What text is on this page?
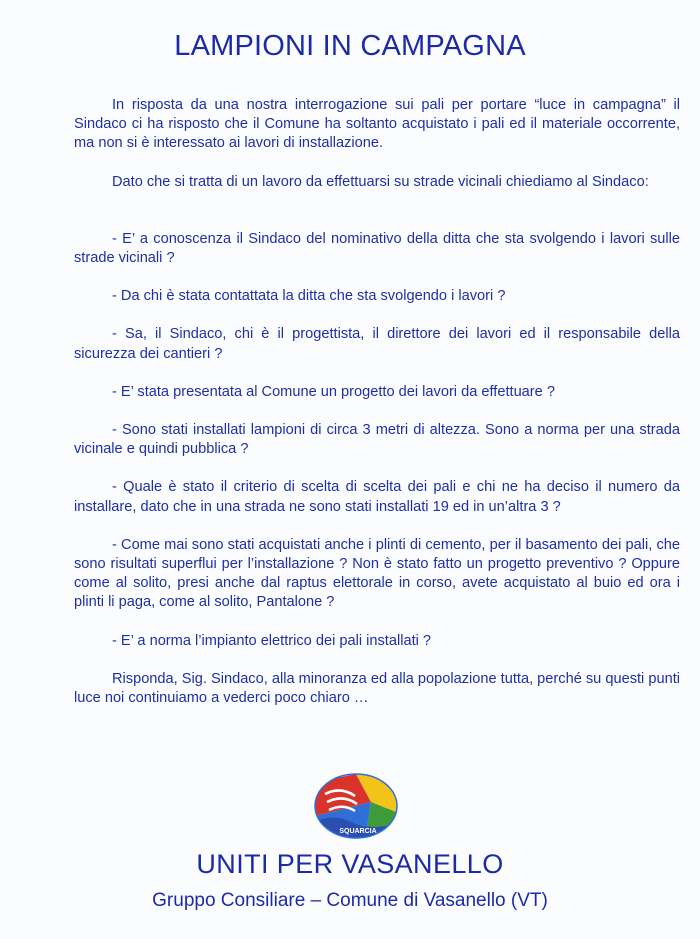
LAMPIONI IN CAMPAGNA

In risposta da una nostra interrogazione sui pali per portare “luce in campagna” il Sindaco ci ha risposto che il Comune ha soltanto acquistato i pali ed il materiale occorrente, ma non si è interessato ai lavori di installazione.

Dato che si tratta di un lavoro da effettuarsi su strade vicinali chiediamo al Sindaco:

- E’ a conoscenza il Sindaco del nominativo della ditta che sta svolgendo i lavori sulle strade vicinali ?

- Da chi è stata contattata la ditta che sta svolgendo i lavori ?

- Sa, il Sindaco, chi è il progettista, il direttore dei lavori ed il responsabile della sicurezza dei cantieri ?

- E’ stata presentata al Comune un progetto dei lavori da effettuare ?

- Sono stati installati lampioni di circa 3 metri di altezza. Sono a norma per una strada vicinale e quindi pubblica ?

- Quale è stato il criterio di scelta di scelta dei pali e chi ne ha deciso il numero da installare, dato che in una strada ne sono stati installati 19 ed in un’altra 3 ?

- Come mai sono stati acquistati anche i plinti di cemento, per il basamento dei pali, che sono risultati superflui per l’installazione ? Non è stato fatto un progetto preventivo ? Oppure come al solito, presi anche dal raptus elettorale in corso, avete acquistato al buio ed ora i plinti li paga, come al solito, Pantalone ?

- E’ a norma l’impianto elettrico dei pali installati ?

Risponda, Sig. Sindaco, alla minoranza ed alla popolazione tutta, perché su questi punti luce noi continuiamo a vederci poco chiaro …

SQUARCIA
UNITI PER VASANELLO

Gruppo Consiliare – Comune di Vasanello (VT)
